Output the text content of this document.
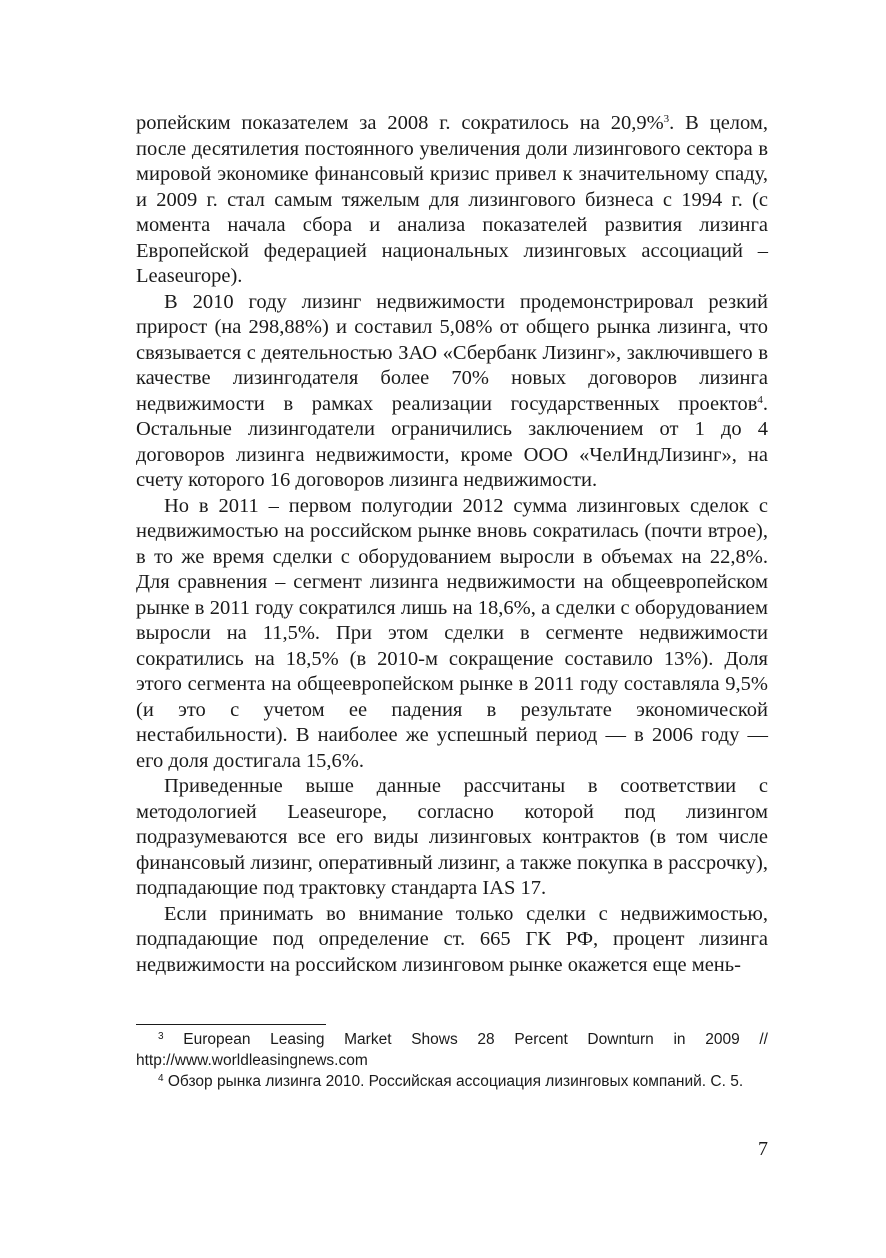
ропейским показателем за 2008 г. сократилось на 20,9%$^3$. В целом, после десятилетия постоянного увеличения доли лизингового сектора в мировой экономике финансовый кризис привел к значительному спаду, и 2009 г. стал самым тяжелым для лизингового бизнеса с 1994 г. (с момента начала сбора и анализа показателей развития лизинга Европейской федерацией национальных лизинговых ассоциаций – Leaseurope).

В 2010 году лизинг недвижимости продемонстрировал резкий прирост (на 298,88%) и составил 5,08% от общего рынка лизинга, что связывается с деятельностью ЗАО «Сбербанк Лизинг», заключившего в качестве лизингодателя более 70% новых договоров лизинга недвижимости в рамках реализации государственных проектов$^4$. Остальные лизингодатели ограничились заключением от 1 до 4 договоров лизинга недвижимости, кроме ООО «ЧелИндЛизинг», на счету которого 16 договоров лизинга недвижимости.

Но в 2011 – первом полугодии 2012 сумма лизинговых сделок с недвижимостью на российском рынке вновь сократилась (почти втрое), в то же время сделки с оборудованием выросли в объемах на 22,8%. Для сравнения – сегмент лизинга недвижимости на общеевропейском рынке в 2011 году сократился лишь на 18,6%, а сделки с оборудованием выросли на 11,5%. При этом сделки в сегменте недвижимости сократились на 18,5% (в 2010-м сокращение составило 13%). Доля этого сегмента на общеевропейском рынке в 2011 году составляла 9,5% (и это с учетом ее падения в результате экономической нестабильности). В наиболее же успешный период — в 2006 году — его доля достигала 15,6%.

Приведенные выше данные рассчитаны в соответствии с методологией Leaseurope, согласно которой под лизингом подразумеваются все его виды лизинговых контрактов (в том числе финансовый лизинг, оперативный лизинг, а также покупка в рассрочку), подпадающие под трактовку стандарта IAS 17.

Если принимать во внимание только сделки с недвижимостью, подпадающие под определение ст. 665 ГК РФ, процент лизинга недвижимости на российском лизинговом рынке окажется еще мень-

$^3$ European Leasing Market Shows 28 Percent Downturn in 2009 // http://www.worldleasingnews.com

$^4$ Обзор рынка лизинга 2010. Российская ассоциация лизинговых компаний. С. 5.

7
